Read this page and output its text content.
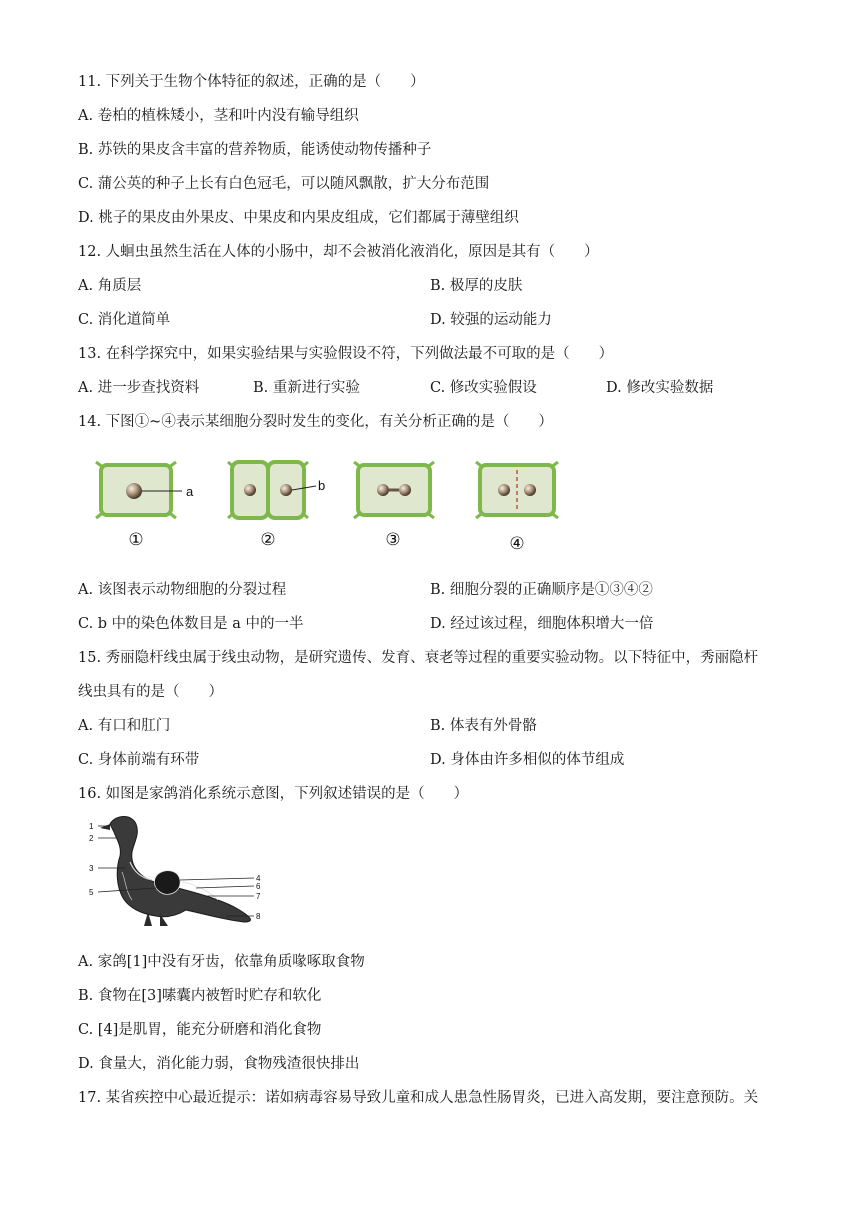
11. 下列关于生物个体特征的叙述，正确的是（　　）
A. 卷柏的植株矮小，茎和叶内没有输导组织
B. 苏铁的果皮含丰富的营养物质，能诱使动物传播种子
C. 蒲公英的种子上长有白色冠毛，可以随风飘散，扩大分布范围
D. 桃子的果皮由外果皮、中果皮和内果皮组成，它们都属于薄壁组织
12. 人蛔虫虽然生活在人体的小肠中，却不会被消化液消化，原因是其有（　　）
A. 角质层	B. 极厚的皮肤
C. 消化道简单	D. 较强的运动能力
13. 在科学探究中，如果实验结果与实验假设不符，下列做法最不可取的是（　　）
A. 进一步查找资料	B. 重新进行实验	C. 修改实验假设	D. 修改实验数据
14. 下图①~④表示某细胞分裂时发生的变化，有关分析正确的是（　　）
a	b
①	②	③	④
A. 该图表示动物细胞的分裂过程	B. 细胞分裂的正确顺序是①③④②
C. b 中的染色体数目是 a 中的一半	D. 经过该过程，细胞体积增大一倍
15. 秀丽隐杆线虫属于线虫动物，是研究遗传、发育、衰老等过程的重要实验动物。以下特征中，秀丽隐杆
线虫具有的是（　　）
A. 有口和肛门	B. 体表有外骨骼
C. 身体前端有环带	D. 身体由许多相似的体节组成
16. 如图是家鸽消化系统示意图，下列叙述错误的是（　　）
1
2
3
4
5
6
7
8
A. 家鸽[1]中没有牙齿，依靠角质喙啄取食物
B. 食物在[3]嗉囊内被暂时贮存和软化
C. [4]是肌胃，能充分研磨和消化食物
D. 食量大，消化能力弱，食物残渣很快排出
17. 某省疾控中心最近提示：诺如病毒容易导致儿童和成人患急性肠胃炎，已进入高发期，要注意预防。关
